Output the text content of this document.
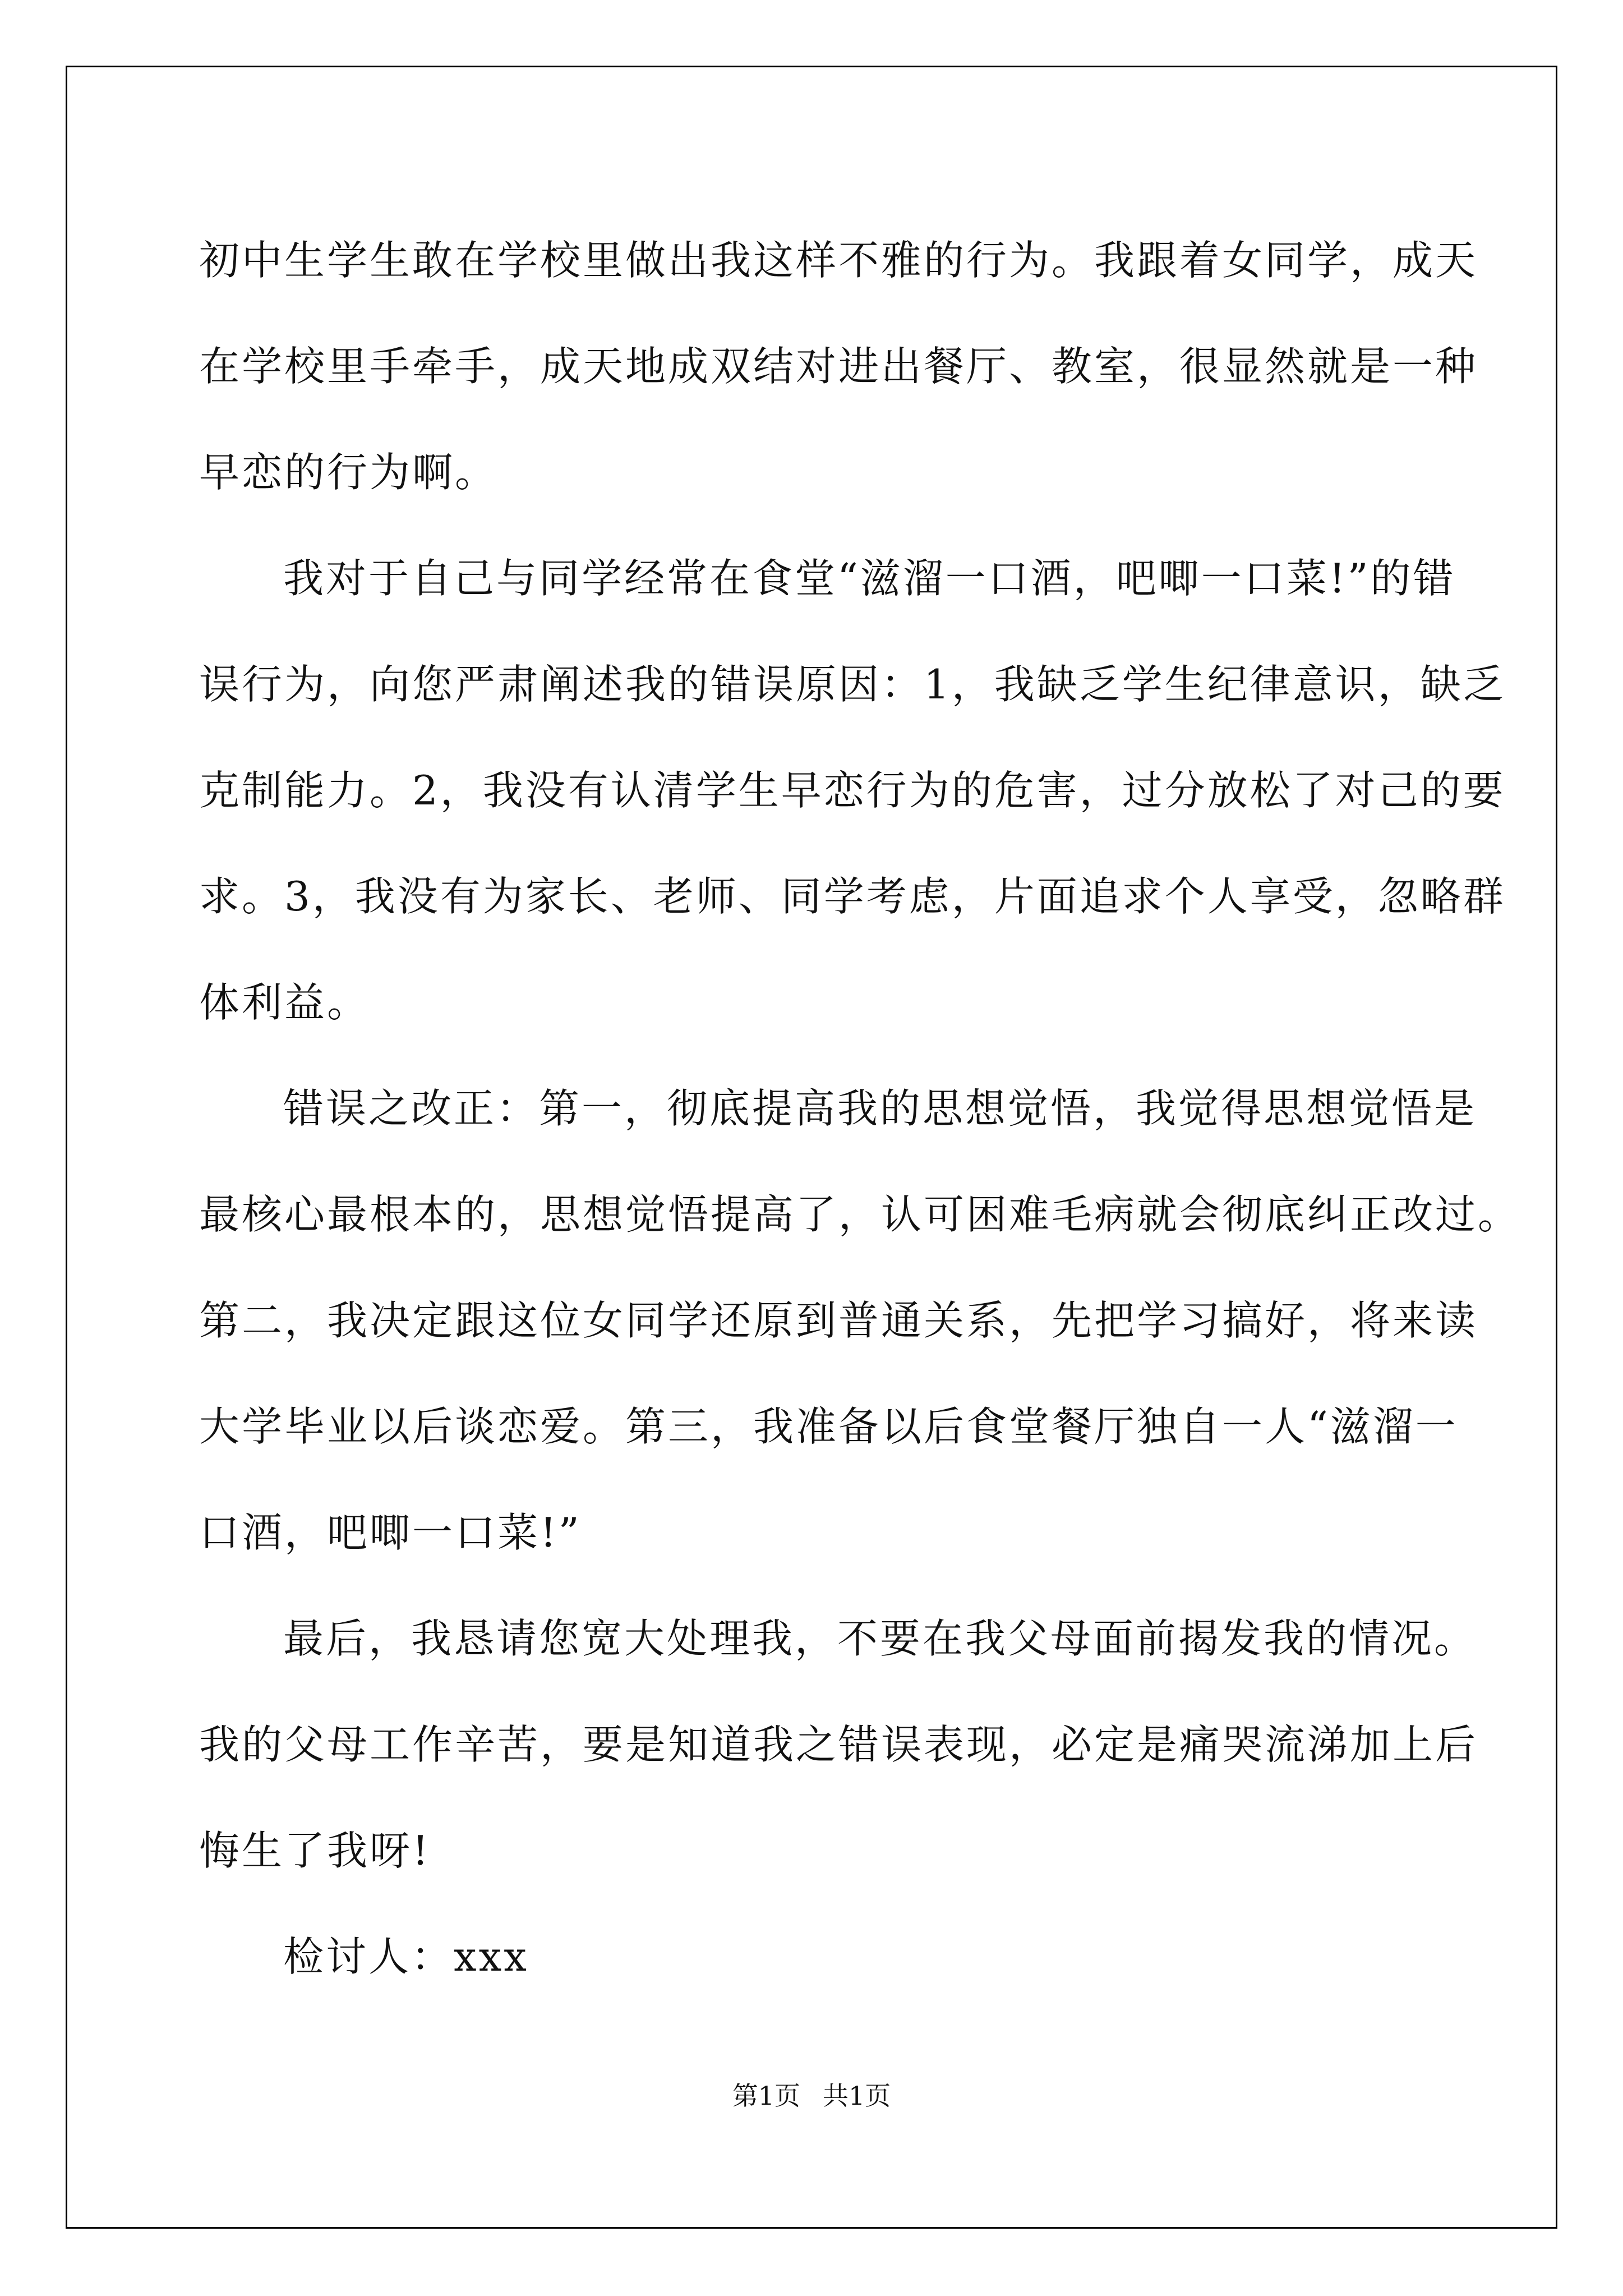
初中生学生敢在学校里做出我这样不雅的行为。我跟着女同学，成天
在学校里手牵手，成天地成双结对进出餐厅、教室，很显然就是一种
早恋的行为啊。
我对于自己与同学经常在食堂“滋溜一口酒，吧唧一口菜!”的错
误行为，向您严肃阐述我的错误原因：1，我缺乏学生纪律意识，缺乏
克制能力。2，我没有认清学生早恋行为的危害，过分放松了对己的要
求。3，我没有为家长、老师、同学考虑，片面追求个人享受，忽略群
体利益。
错误之改正：第一，彻底提高我的思想觉悟，我觉得思想觉悟是
最核心最根本的，思想觉悟提高了，认可困难毛病就会彻底纠正改过。
第二，我决定跟这位女同学还原到普通关系，先把学习搞好，将来读
大学毕业以后谈恋爱。第三，我准备以后食堂餐厅独自一人“滋溜一
口酒，吧唧一口菜!”
最后，我恳请您宽大处理我，不要在我父母面前揭发我的情况。
我的父母工作辛苦，要是知道我之错误表现，必定是痛哭流涕加上后
悔生了我呀!
检讨人：xxx
第1页 共1页
